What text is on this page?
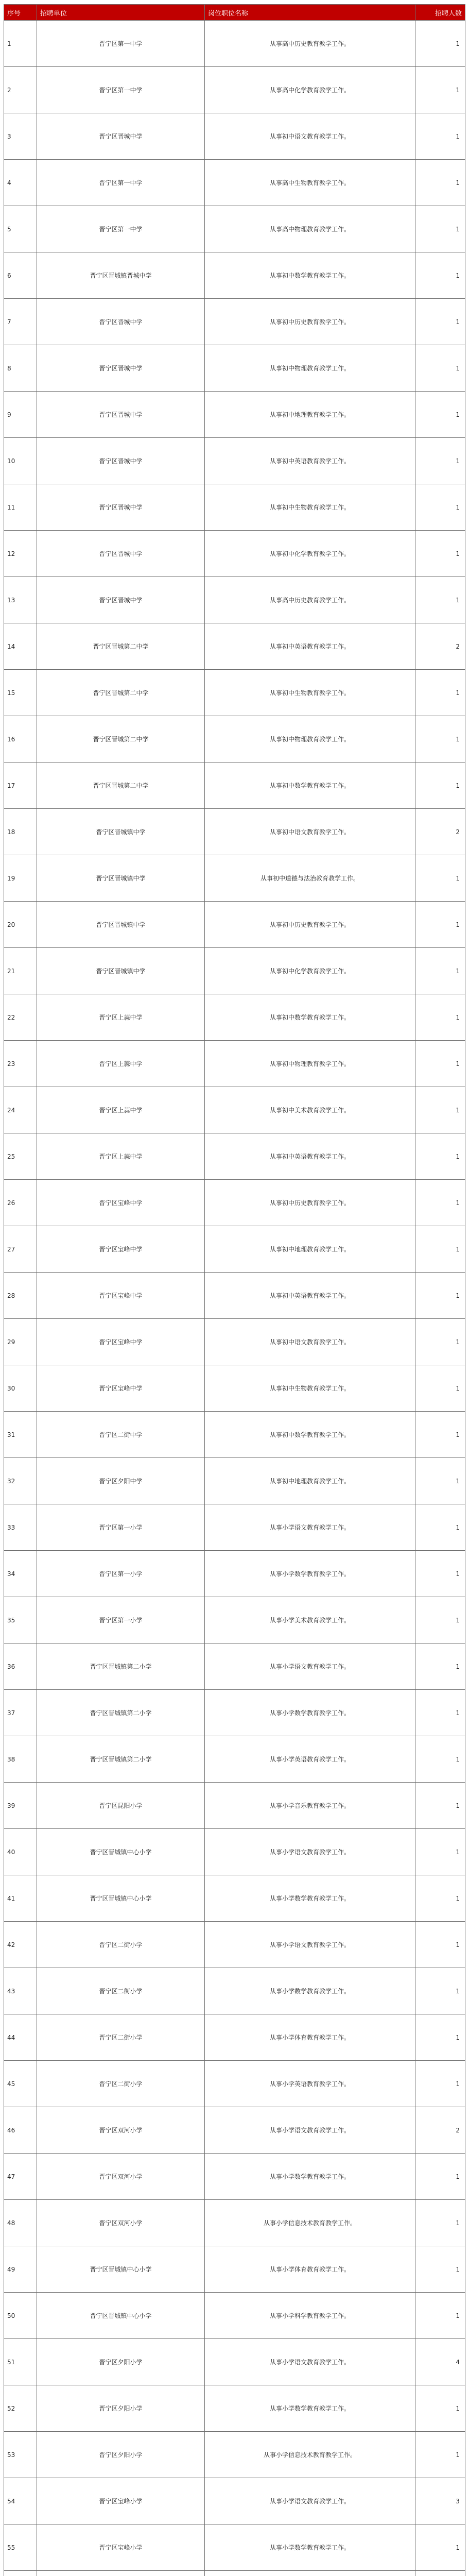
序号	招聘单位	岗位职位名称	招聘人数
1	晋宁区第一中学	从事高中历史教育教学工作。	1
2	晋宁区第一中学	从事高中化学教育教学工作。	1
3	晋宁区晋城中学	从事初中语文教育教学工作。	1
4	晋宁区第一中学	从事高中生物教育教学工作。	1
5	晋宁区第一中学	从事高中物理教育教学工作。	1
6	晋宁区晋城镇晋城中学	从事初中数学教育教学工作。	1
7	晋宁区晋城中学	从事初中历史教育教学工作。	1
8	晋宁区晋城中学	从事初中物理教育教学工作。	1
9	晋宁区晋城中学	从事初中地理教育教学工作。	1
10	晋宁区晋城中学	从事初中英语教育教学工作。	1
11	晋宁区晋城中学	从事初中生物教育教学工作。	1
12	晋宁区晋城中学	从事初中化学教育教学工作。	1
13	晋宁区晋城中学	从事高中历史教育教学工作。	1
14	晋宁区晋城第二中学	从事初中英语教育教学工作。	2
15	晋宁区晋城第二中学	从事初中生物教育教学工作。	1
16	晋宁区晋城第二中学	从事初中物理教育教学工作。	1
17	晋宁区晋城第二中学	从事初中数学教育教学工作。	1
18	晋宁区晋城镇中学	从事初中语文教育教学工作。	2
19	晋宁区晋城镇中学	从事初中道德与法治教育教学工作。	1
20	晋宁区晋城镇中学	从事初中历史教育教学工作。	1
21	晋宁区晋城镇中学	从事初中化学教育教学工作。	1
22	晋宁区上蒜中学	从事初中数学教育教学工作。	1
23	晋宁区上蒜中学	从事初中物理教育教学工作。	1
24	晋宁区上蒜中学	从事初中美术教育教学工作。	1
25	晋宁区上蒜中学	从事初中英语教育教学工作。	1
26	晋宁区宝峰中学	从事初中历史教育教学工作。	1
27	晋宁区宝峰中学	从事初中地理教育教学工作。	1
28	晋宁区宝峰中学	从事初中英语教育教学工作。	1
29	晋宁区宝峰中学	从事初中语文教育教学工作。	1
30	晋宁区宝峰中学	从事初中生物教育教学工作。	1
31	晋宁区二街中学	从事初中数学教育教学工作。	1
32	晋宁区夕阳中学	从事初中地理教育教学工作。	1
33	晋宁区第一小学	从事小学语文教育教学工作。	1
34	晋宁区第一小学	从事小学数学教育教学工作。	1
35	晋宁区第一小学	从事小学美术教育教学工作。	1
36	晋宁区晋城镇第二小学	从事小学语文教育教学工作。	1
37	晋宁区晋城镇第二小学	从事小学数学教育教学工作。	1
38	晋宁区晋城镇第二小学	从事小学英语教育教学工作。	1
39	晋宁区昆阳小学	从事小学音乐教育教学工作。	1
40	晋宁区晋城镇中心小学	从事小学语文教育教学工作。	1
41	晋宁区晋城镇中心小学	从事小学数学教育教学工作。	1
42	晋宁区二街小学	从事小学语文教育教学工作。	1
43	晋宁区二街小学	从事小学数学教育教学工作。	1
44	晋宁区二街小学	从事小学体育教育教学工作。	1
45	晋宁区二街小学	从事小学英语教育教学工作。	1
46	晋宁区双河小学	从事小学语文教育教学工作。	2
47	晋宁区双河小学	从事小学数学教育教学工作。	1
48	晋宁区双河小学	从事小学信息技术教育教学工作。	1
49	晋宁区晋城镇中心小学	从事小学体育教育教学工作。	1
50	晋宁区晋城镇中心小学	从事小学科学教育教学工作。	1
51	晋宁区夕阳小学	从事小学语文教育教学工作。	4
52	晋宁区夕阳小学	从事小学数学教育教学工作。	1
53	晋宁区夕阳小学	从事小学信息技术教育教学工作。	1
54	晋宁区宝峰小学	从事小学语文教育教学工作。	3
55	晋宁区宝峰小学	从事小学数学教育教学工作。	1
